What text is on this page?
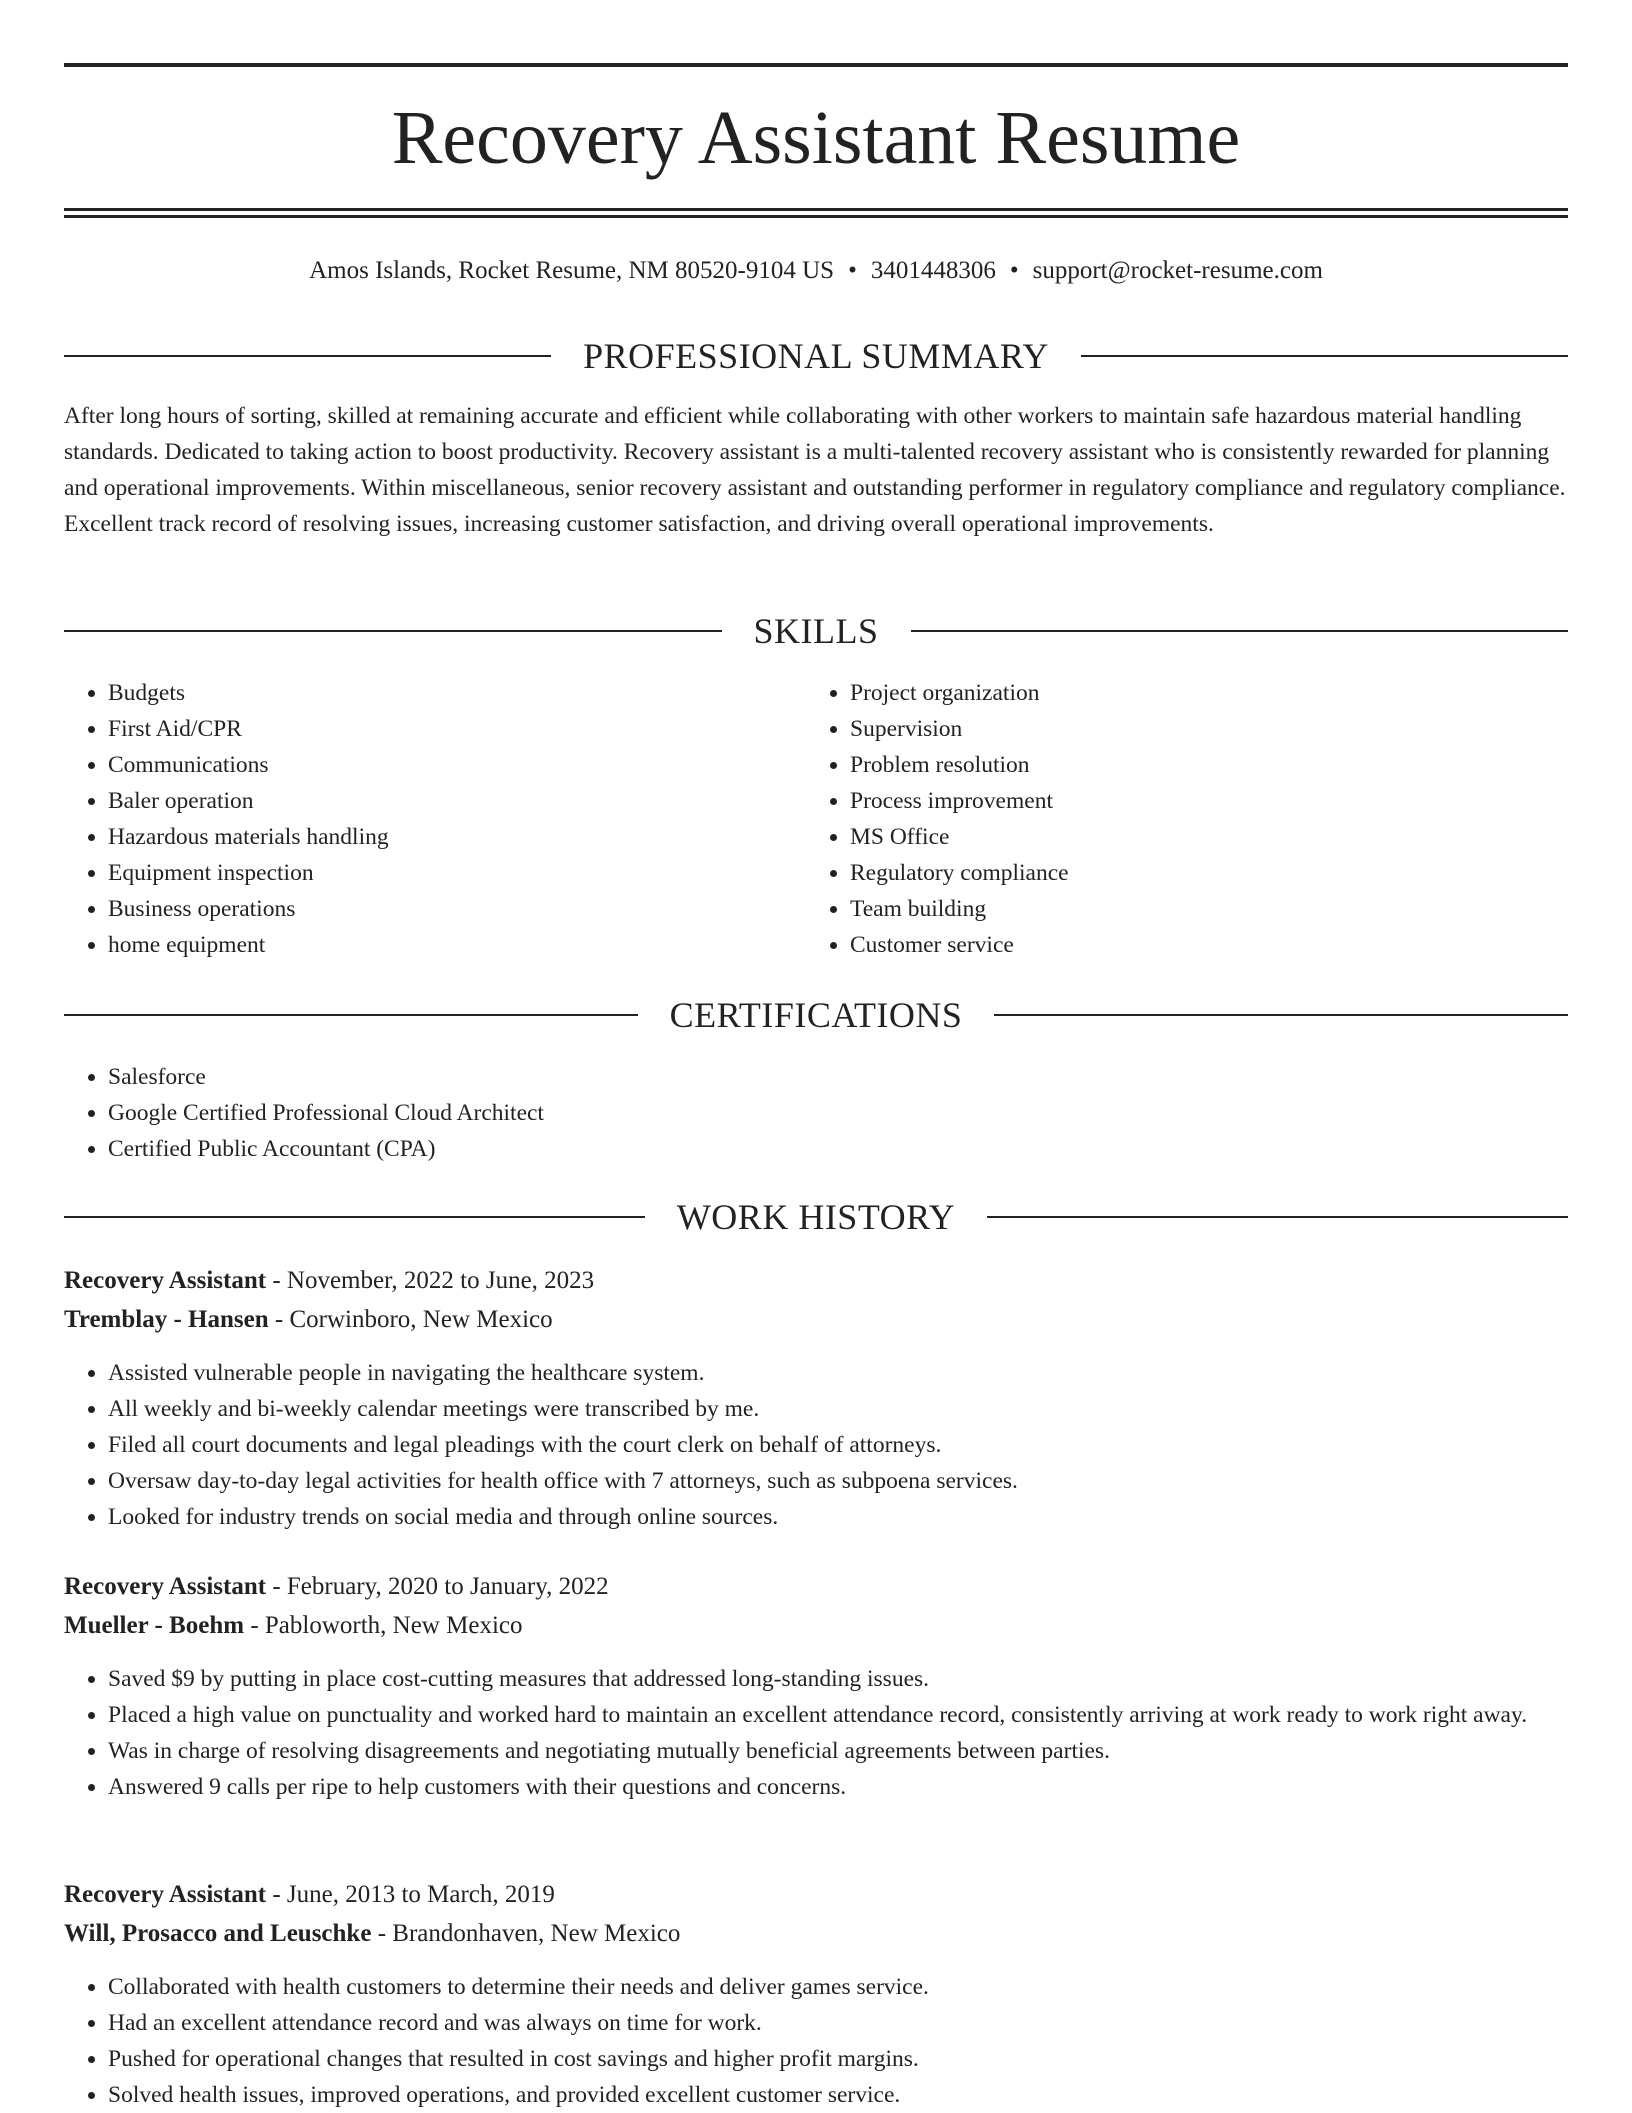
Recovery Assistant Resume
Amos Islands, Rocket Resume, NM 80520-9104 US • 3401448306 • support@rocket-resume.com
PROFESSIONAL SUMMARY

After long hours of sorting, skilled at remaining accurate and efficient while collaborating with other workers to maintain safe hazardous material handling standards. Dedicated to taking action to boost productivity. Recovery assistant is a multi-talented recovery assistant who is consistently rewarded for planning and operational improvements. Within miscellaneous, senior recovery assistant and outstanding performer in regulatory compliance and regulatory compliance. Excellent track record of resolving issues, increasing customer satisfaction, and driving overall operational improvements.

SKILLS
• Budgets
• First Aid/CPR
• Communications
• Baler operation
• Hazardous materials handling
• Equipment inspection
• Business operations
• home equipment
• Project organization
• Supervision
• Problem resolution
• Process improvement
• MS Office
• Regulatory compliance
• Team building
• Customer service
CERTIFICATIONS
• Salesforce
• Google Certified Professional Cloud Architect
• Certified Public Accountant (CPA)
WORK HISTORY

Recovery Assistant - November, 2022 to June, 2023

Tremblay - Hansen - Corwinboro, New Mexico

• Assisted vulnerable people in navigating the healthcare system.
• All weekly and bi-weekly calendar meetings were transcribed by me.
• Filed all court documents and legal pleadings with the court clerk on behalf of attorneys.
• Oversaw day-to-day legal activities for health office with 7 attorneys, such as subpoena services.
• Looked for industry trends on social media and through online sources.

Recovery Assistant - February, 2020 to January, 2022

Mueller - Boehm - Pabloworth, New Mexico

• Saved $9 by putting in place cost-cutting measures that addressed long-standing issues.
• Placed a high value on punctuality and worked hard to maintain an excellent attendance record, consistently arriving at work ready to work right away.
• Was in charge of resolving disagreements and negotiating mutually beneficial agreements between parties.
• Answered 9 calls per ripe to help customers with their questions and concerns.

Recovery Assistant - June, 2013 to March, 2019

Will, Prosacco and Leuschke - Brandonhaven, New Mexico

• Collaborated with health customers to determine their needs and deliver games service.
• Had an excellent attendance record and was always on time for work.
• Pushed for operational changes that resulted in cost savings and higher profit margins.
• Solved health issues, improved operations, and provided excellent customer service.
